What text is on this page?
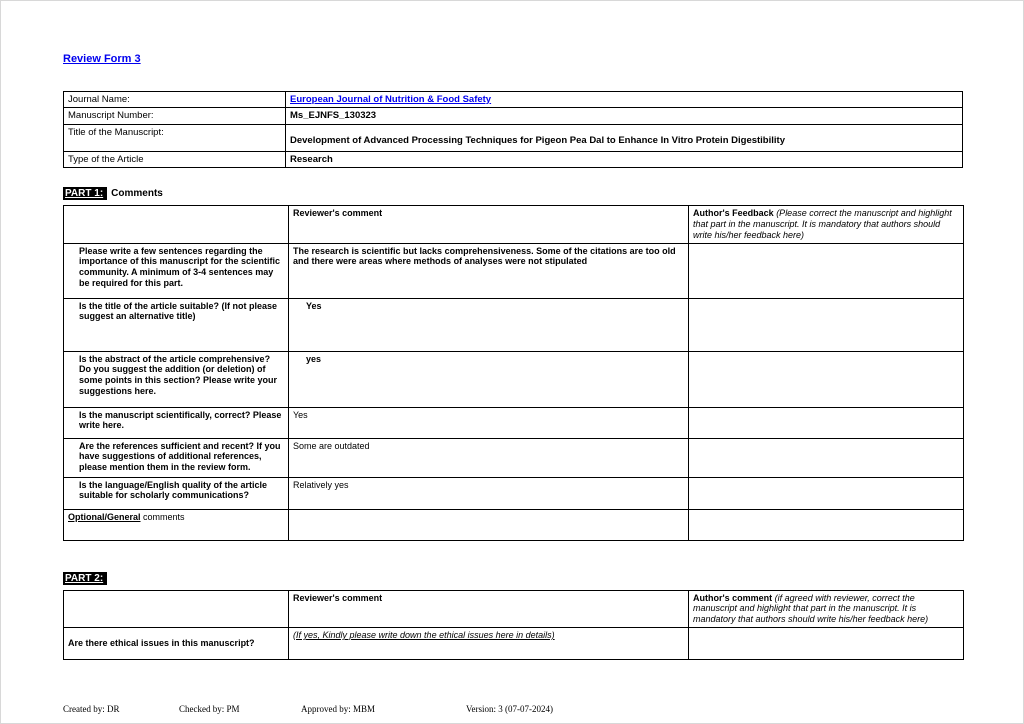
Review Form 3
Journal Name:	European Journal of Nutrition & Food Safety
Manuscript Number:	Ms_EJNFS_130323
Title of the Manuscript:	Development of Advanced Processing Techniques for Pigeon Pea Dal to Enhance In Vitro Protein Digestibility
Type of the Article	Research
PART 1: Comments
	Reviewer's comment	Author's Feedback (Please correct the manuscript and highlight that part in the manuscript. It is mandatory that authors should write his/her feedback here)
Please write a few sentences regarding the importance of this manuscript for the scientific community. A minimum of 3-4 sentences may be required for this part.	The research is scientific but lacks comprehensiveness. Some of the citations are too old and there were areas where methods of analyses were not stipulated	
Is the title of the article suitable? (If not please suggest an alternative title)	Yes	
Is the abstract of the article comprehensive? Do you suggest the addition (or deletion) of some points in this section? Please write your suggestions here.	yes	
Is the manuscript scientifically, correct? Please write here.	Yes	
Are the references sufficient and recent? If you have suggestions of additional references, please mention them in the review form.	Some are outdated	
Is the language/English quality of the article suitable for scholarly communications?	Relatively yes	
Optional/General comments		
PART 2:
	Reviewer's comment	Author's comment (if agreed with reviewer, correct the manuscript and highlight that part in the manuscript. It is mandatory that authors should write his/her feedback here)
Are there ethical issues in this manuscript?	(If yes, Kindly please write down the ethical issues here in details)	
Created by: DR	Checked by: PM	Approved by: MBM	Version: 3 (07-07-2024)
